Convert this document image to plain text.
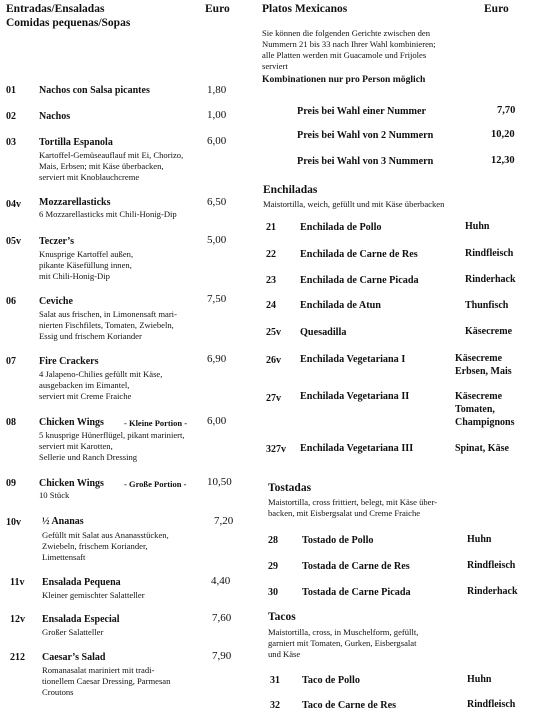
Entradas/Ensaladas
Comidas pequenas/Sopas
Euro
01 Nachos con Salsa picantes	1,80
02 Nachos	1,00
03 Tortilla Espanola	6,00
Kartoffel-Gemüseauflauf mit Ei, Chorizo,
Mais, Erbsen; mit Käse überbacken,
serviert mit Knoblauchcreme
04v Mozzarellasticks	6,50
6 Mozzarellasticks mit Chili-Honig-Dip
05v Teczer’s	5,00
Knusprige Kartoffel außen,
pikante Käsefüllung innen,
mit Chili-Honig-Dip
06 Ceviche	7,50
Salat aus frischen, in Limonensaft mari-
nierten Fischfilets, Tomaten, Zwiebeln,
Essig und frischem Koriander
07 Fire Crackers	6,90
4 Jalapeno-Chilies gefüllt mit Käse,
ausgebacken im Eimantel,
serviert mit Creme Fraiche
08 Chicken Wings - Kleine Portion - 6,00
5 knusprige Hünerflügel, pikant mariniert,
serviert mit Karotten,
Sellerie und Ranch Dressing
09 Chicken Wings - Große Portion - 10,50
10 Stück
10v ½ Ananas	7,20
Gefüllt mit Salat aus Ananasstücken,
Zwiebeln, frischem Koriander,
Limettensaft
11v Ensalada Pequena	4,40
Kleiner gemischter Salatteller
12v Ensalada Especial	7,60
Großer Salatteller
212 Caesar’s Salad	7,90
Romanasalat mariniert mit tradi-
tionellem Caesar Dressing, Parmesan
Croutons
Platos Mexicanos	Euro
Sie können die folgenden Gerichte zwischen den
Nummern 21 bis 33 nach Ihrer Wahl kombinieren;
alle Platten werden mit Guacamole und Frijoles
serviert
Kombinationen nur pro Person möglich
Preis bei Wahl einer Nummer	7,70
Preis bei Wahl von 2 Nummern	10,20
Preis bei Wahl von 3 Nummern	12,30
Enchiladas
Maistortilla, weich, gefüllt und mit Käse überbacken
21 Enchilada de Pollo	Huhn
22 Enchilada de Carne de Res	Rindfleisch
23 Enchilada de Carne Picada	Rinderhack
24 Enchilada de Atun	Thunfisch
25v Quesadilla	Käsecreme
26v Enchilada Vegetariana I	Käsecreme
Erbsen, Mais
27v Enchilada Vegetariana II	Käsecreme
Tomaten,
Champignons
327v Enchilada Vegetariana III	Spinat, Käse
Tostadas
Maistortilla, cross frittiert, belegt, mit Käse über-
backen, mit Eisbergsalat und Creme Fraiche
28 Tostado de Pollo	Huhn
29 Tostada de Carne de Res	Rindfleisch
30 Tostada de Carne Picada	Rinderhack
Tacos
Maistortilla, cross, in Muschelform, gefüllt,
garniert mit Tomaten, Gurken, Eisbergsalat
und Käse
31 Taco de Pollo	Huhn
32 Taco de Carne de Res	Rindfleisch
